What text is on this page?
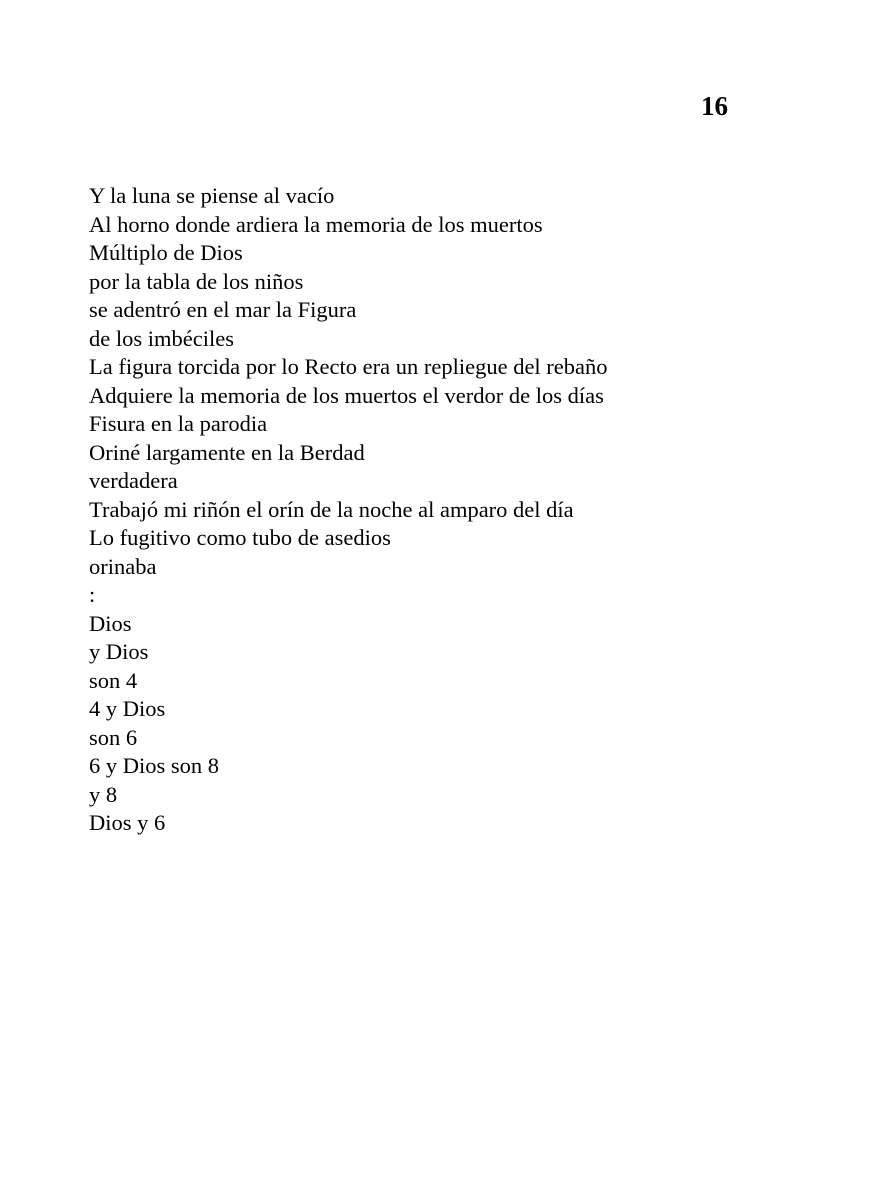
16
Y la luna se piense al vacío
Al horno donde ardiera la memoria de los muertos
Múltiplo de Dios
por la tabla de los niños
se adentró en el mar la Figura
de los imbéciles
La figura torcida por lo Recto era un repliegue del rebaño
Adquiere la memoria de los muertos el verdor de los días
Fisura en la parodia
Oriné largamente en la Berdad
verdadera
Trabajó mi riñón el orín de la noche al amparo del día
Lo fugitivo como tubo de asedios
orinaba
:
Dios
y Dios
son 4
4 y Dios
son 6
6 y Dios son 8
y 8
Dios y 6
